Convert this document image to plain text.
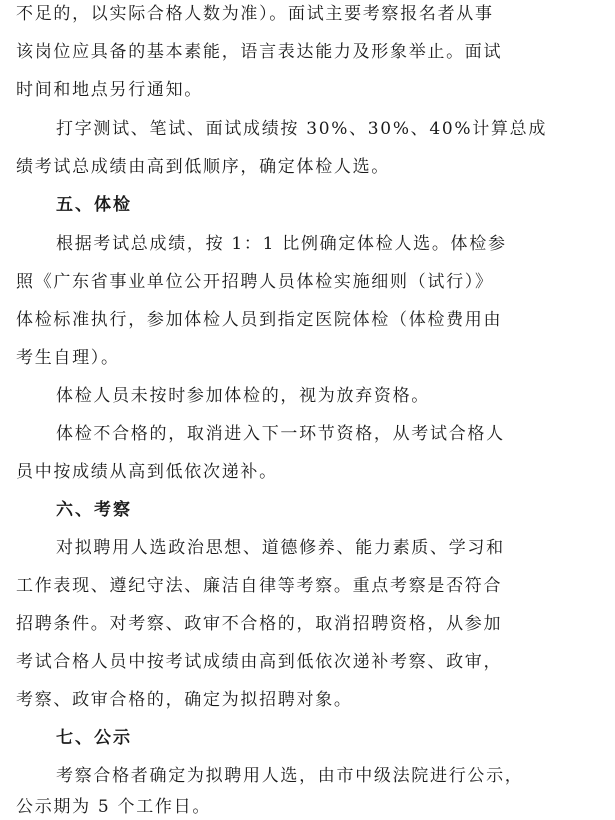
不足的，以实际合格人数为准）。面试主要考察报名者从事
该岗位应具备的基本素能，语言表达能力及形象举止。面试
时间和地点另行通知。
打字测试、笔试、面试成绩按 30%、30%、40%计算总成
绩考试总成绩由高到低顺序，确定体检人选。
五、体检
根据考试总成绩，按 1：1 比例确定体检人选。体检参
照《广东省事业单位公开招聘人员体检实施细则（试行）》
体检标准执行，参加体检人员到指定医院体检（体检费用由
考生自理）。
体检人员未按时参加体检的，视为放弃资格。
体检不合格的，取消进入下一环节资格，从考试合格人
员中按成绩从高到低依次递补。
六、考察
对拟聘用人选政治思想、道德修养、能力素质、学习和
工作表现、遵纪守法、廉洁自律等考察。重点考察是否符合
招聘条件。对考察、政审不合格的，取消招聘资格，从参加
考试合格人员中按考试成绩由高到低依次递补考察、政审，
考察、政审合格的，确定为拟招聘对象。
七、公示
考察合格者确定为拟聘用人选，由市中级法院进行公示，
公示期为 5 个工作日。
